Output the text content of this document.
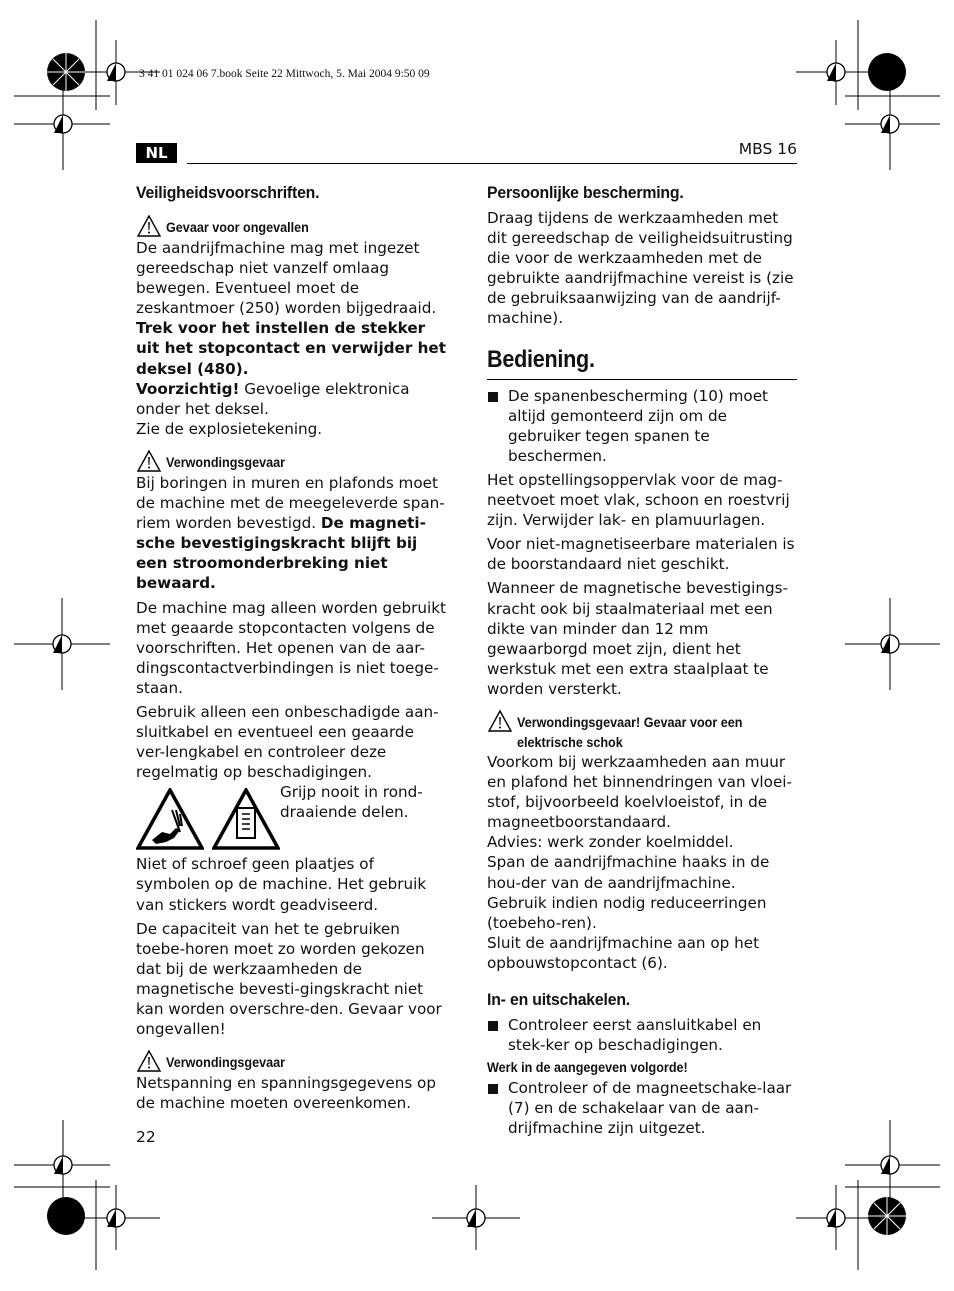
3 41 01 024 06 7.book Seite 22 Mittwoch, 5. Mai 2004 9:50 09
NL	MBS 16
Veiligheidsvoorschriften.
Gevaar voor ongevallen

De aandrijfmachine mag met ingezet gereedschap niet vanzelf omlaag bewegen. Eventueel moet de zeskantmoer (250) worden bijgedraaid.

Trek voor het instellen de stekker uit het stopcontact en verwijder het deksel (480).

Voorzichtig! Gevoelige elektronica onder het deksel.

Zie de explosietekening.

Verwondingsgevaar

Bij boringen in muren en plafonds moet de machine met de meegeleverde span-riem worden bevestigd. De magneti-sche bevestigingskracht blijft bij een stroomonderbreking niet bewaard.

De machine mag alleen worden gebruikt met geaarde stopcontacten volgens de voorschriften. Het openen van de aar-dingscontactverbindingen is niet toege-staan.

Gebruik alleen een onbeschadigde aan-sluitkabel en eventueel een geaarde ver-lengkabel en controleer deze regelmatig op beschadigingen.

Grijp nooit in rond-draaiende delen.

Niet of schroef geen plaatjes of symbolen op de machine. Het gebruik van stickers wordt geadviseerd.

De capaciteit van het te gebruiken toebe-horen moet zo worden gekozen dat bij de werkzaamheden de magnetische bevesti-gingskracht niet kan worden overschre-den. Gevaar voor ongevallen!

Verwondingsgevaar

Netspanning en spanningsgegevens op de machine moeten overeenkomen.

Persoonlijke bescherming.

Draag tijdens de werkzaamheden met dit gereedschap de veiligheidsuitrusting die voor de werkzaamheden met de gebruikte aandrijfmachine vereist is (zie de gebruiksaanwijzing van de aandrijf-machine).

Bediening.

De spanenbescherming (10) moet altijd gemonteerd zijn om de gebruiker tegen spanen te beschermen.

Het opstellingsoppervlak voor de mag-neetvoet moet vlak, schoon en roestvrij zijn. Verwijder lak- en plamuurlagen.

Voor niet-magnetiseerbare materialen is de boorstandaard niet geschikt.

Wanneer de magnetische bevestigings-kracht ook bij staalmateriaal met een dikte van minder dan 12 mm gewaarborgd moet zijn, dient het werkstuk met een extra staalplaat te worden versterkt.

Verwondingsgevaar! Gevaar voor een
elektrische schok

Voorkom bij werkzaamheden aan muur en plafond het binnendringen van vloei-stof, bijvoorbeeld koelvloeistof, in de magneetboorstandaard.

Advies: werk zonder koelmiddel.

Span de aandrijfmachine haaks in de hou-der van de aandrijfmachine. Gebruik indien nodig reduceerringen (toebeho-ren).

Sluit de aandrijfmachine aan op het opbouwstopcontact (6).

In- en uitschakelen.

Controleer eerst aansluitkabel en stek-ker op beschadigingen.

Werk in de aangegeven volgorde!

Controleer of de magneetschake-laar (7) en de schakelaar van de aan-drijfmachine zijn uitgezet.

22
